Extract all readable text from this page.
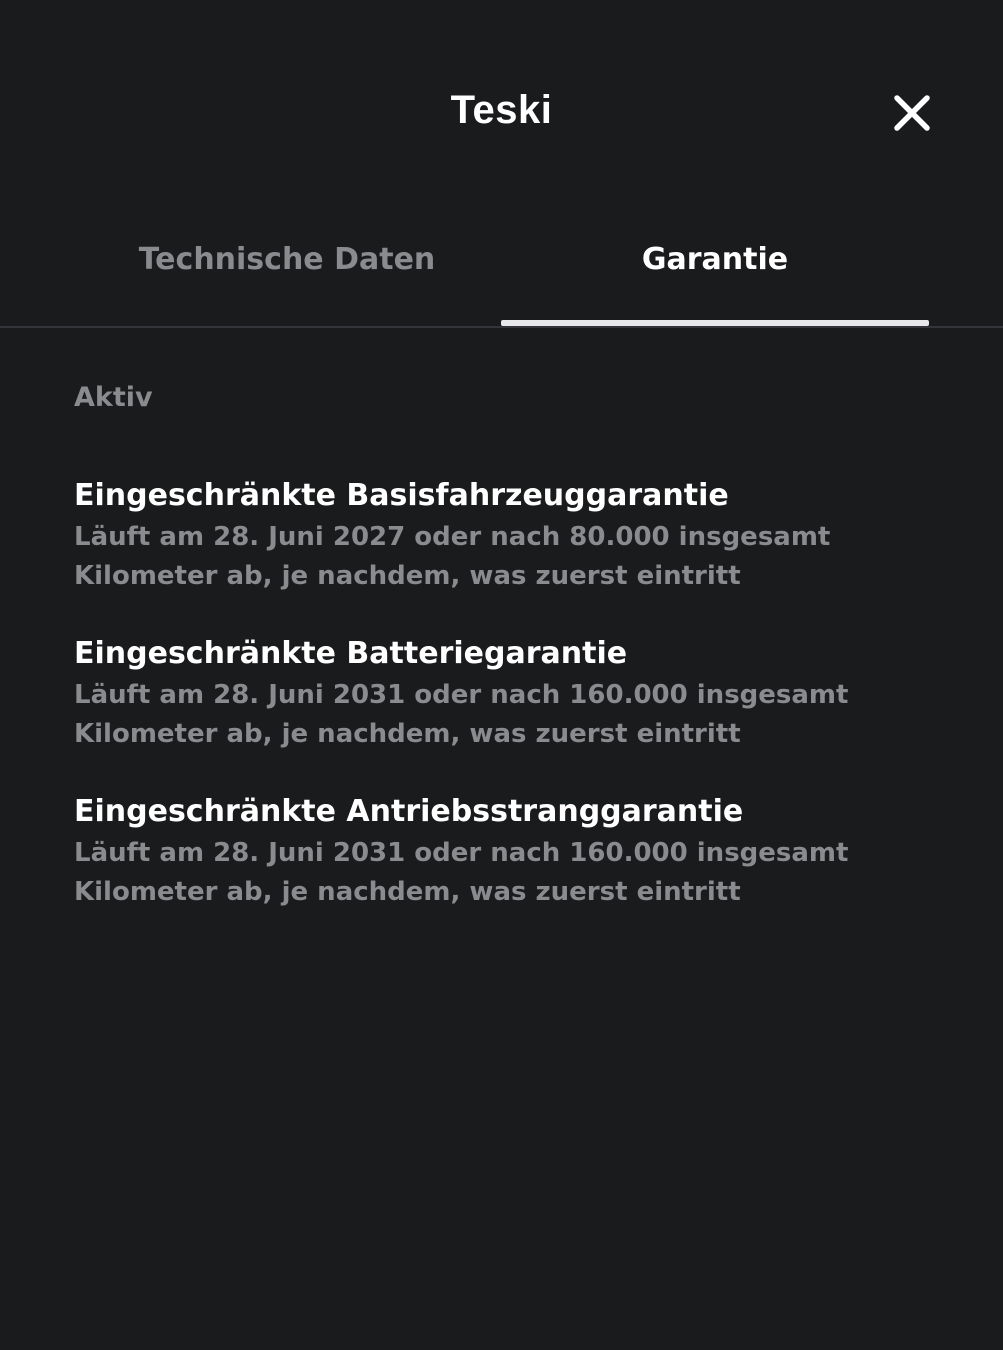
Teski
Technische Daten	Garantie
Aktiv
Eingeschränkte Basisfahrzeuggarantie
Läuft am 28. Juni 2027 oder nach 80.000 insgesamt
Kilometer ab, je nachdem, was zuerst eintritt
Eingeschränkte Batteriegarantie
Läuft am 28. Juni 2031 oder nach 160.000 insgesamt
Kilometer ab, je nachdem, was zuerst eintritt
Eingeschränkte Antriebsstranggarantie
Läuft am 28. Juni 2031 oder nach 160.000 insgesamt
Kilometer ab, je nachdem, was zuerst eintritt
